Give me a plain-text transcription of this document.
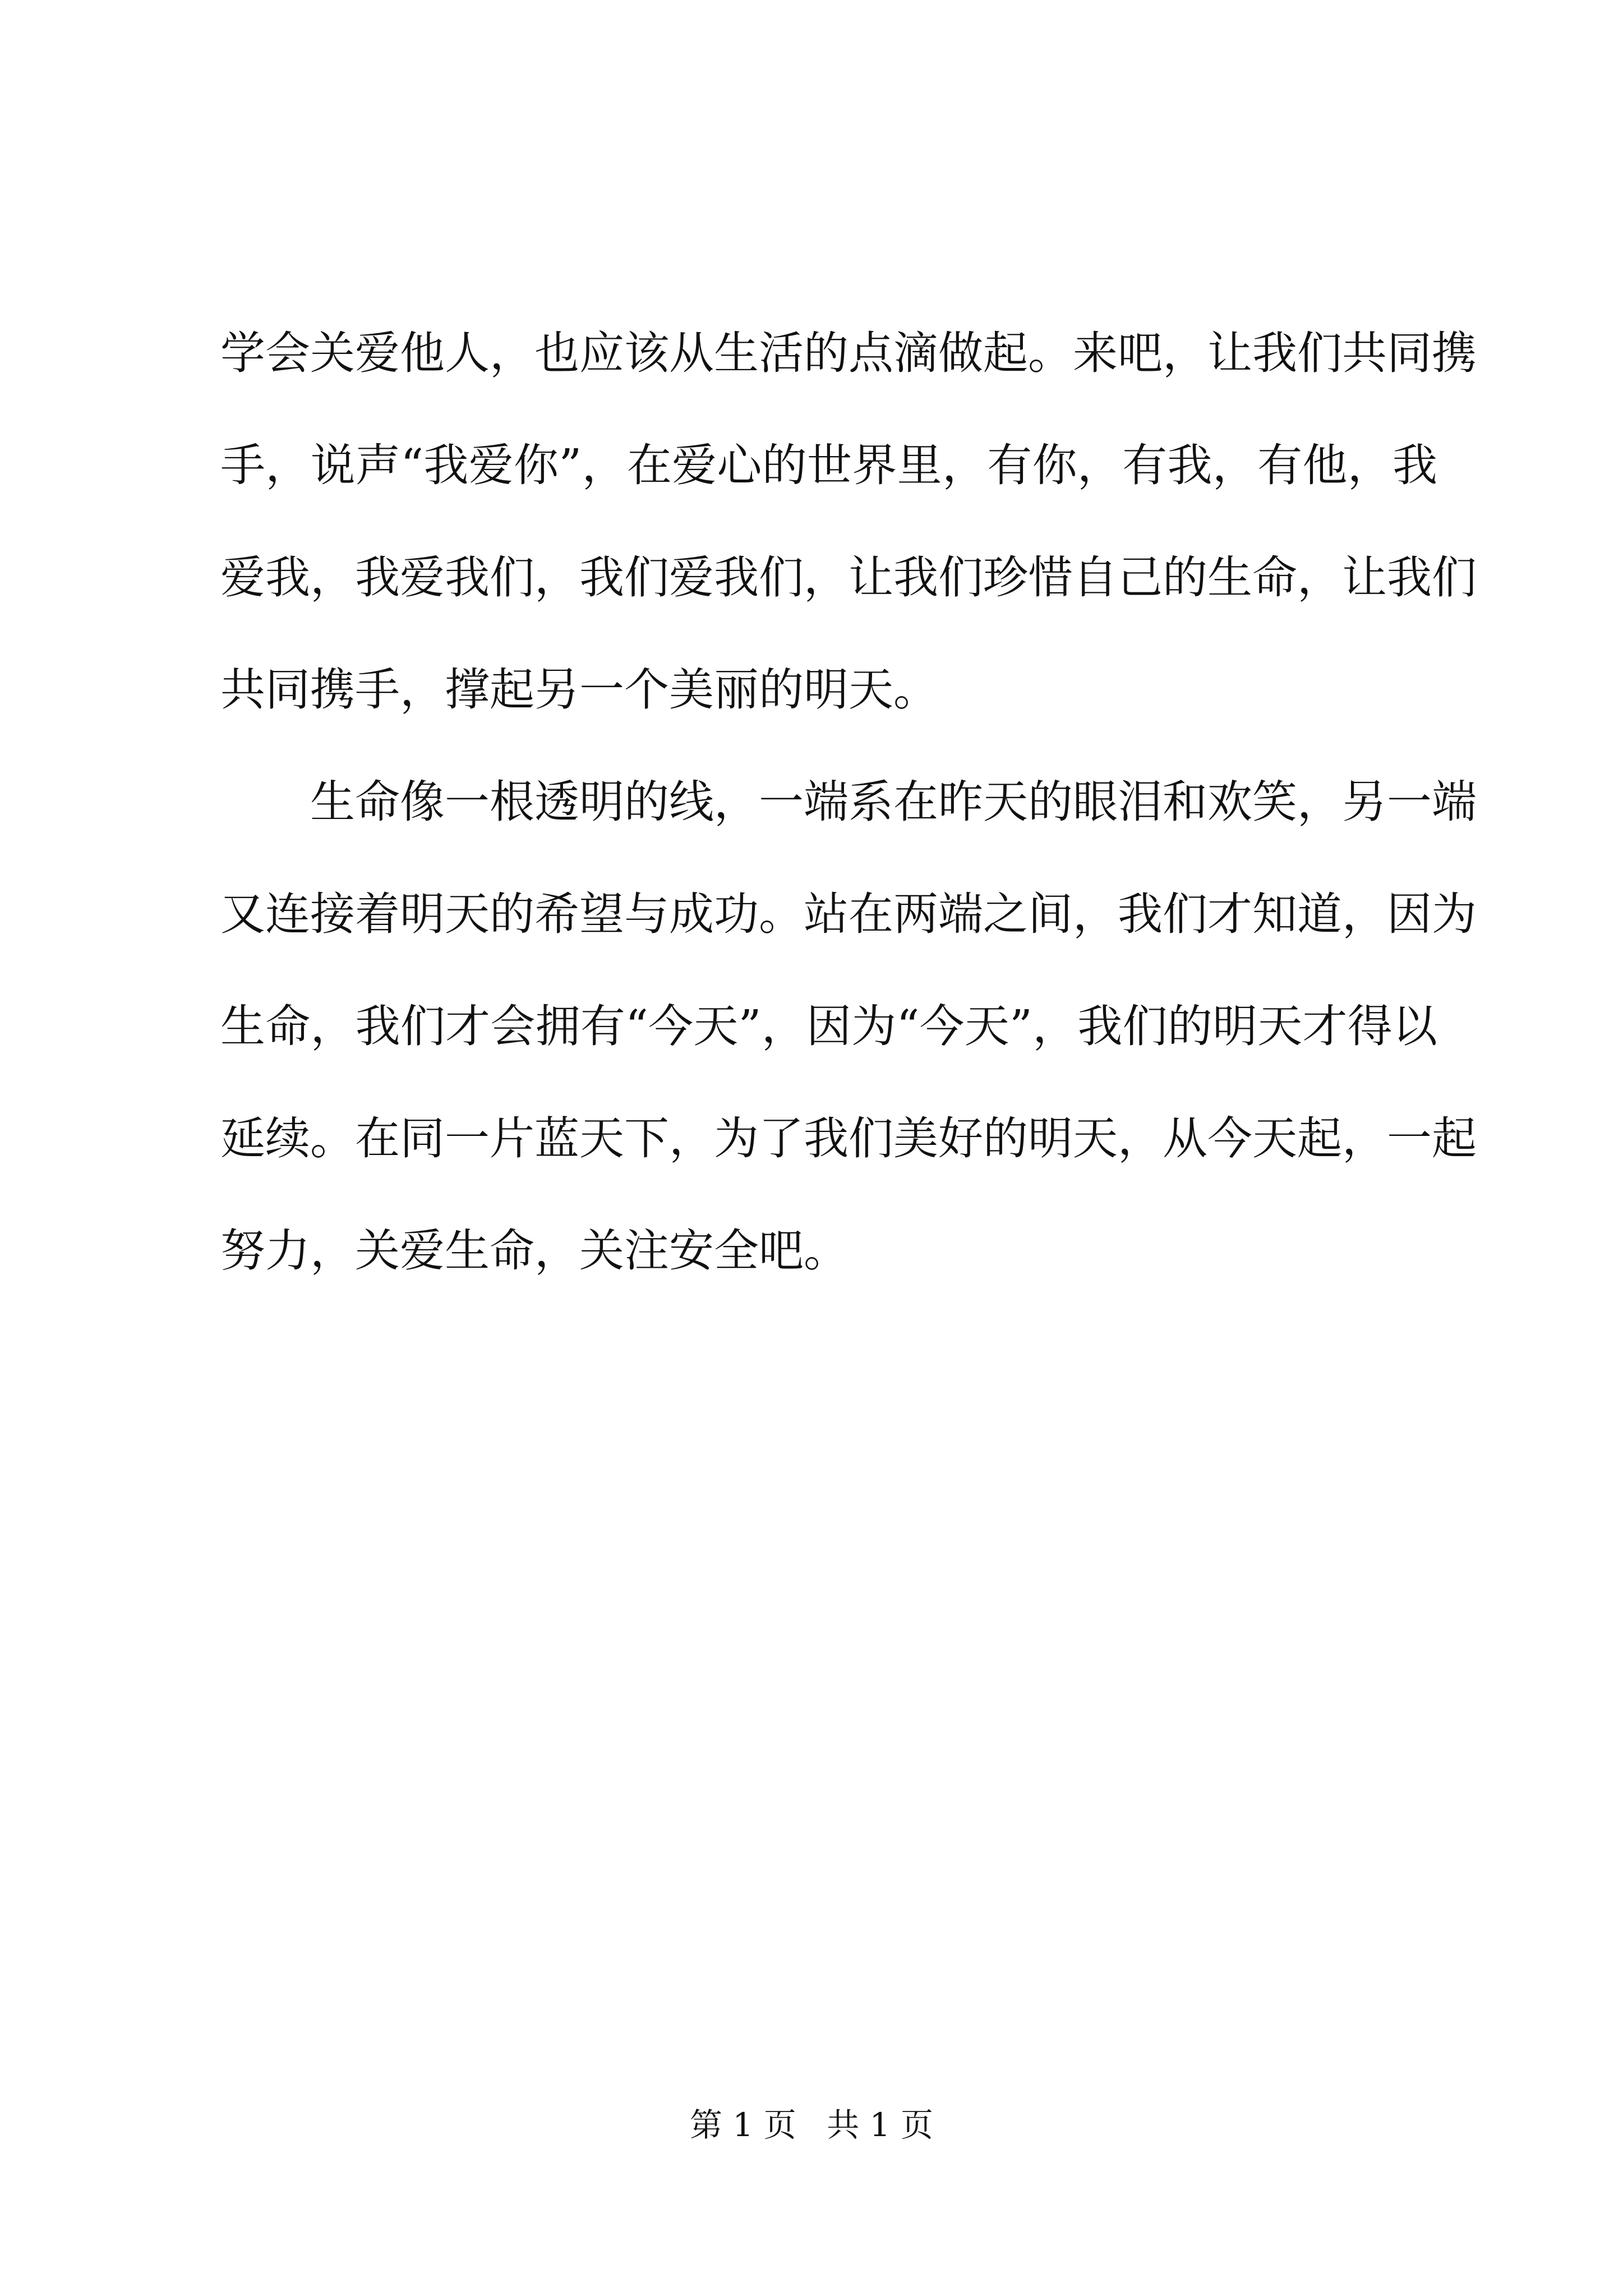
学会关爱他人，也应该从生活的点滴做起。来吧，让我们共同携
手，说声“我爱你”，在爱心的世界里，有你，有我，有他，我
爱我，我爱我们，我们爱我们，让我们珍惜自己的生命，让我们
共同携手，撑起另一个美丽的明天。
　　生命像一根透明的线，一端系在昨天的眼泪和欢笑，另一端
又连接着明天的希望与成功。站在两端之间，我们才知道，因为
生命，我们才会拥有“今天”，因为“今天”，我们的明天才得以
延续。在同一片蓝天下，为了我们美好的明天，从今天起，一起
努力，关爱生命，关注安全吧。
第 1 页 共 1 页
